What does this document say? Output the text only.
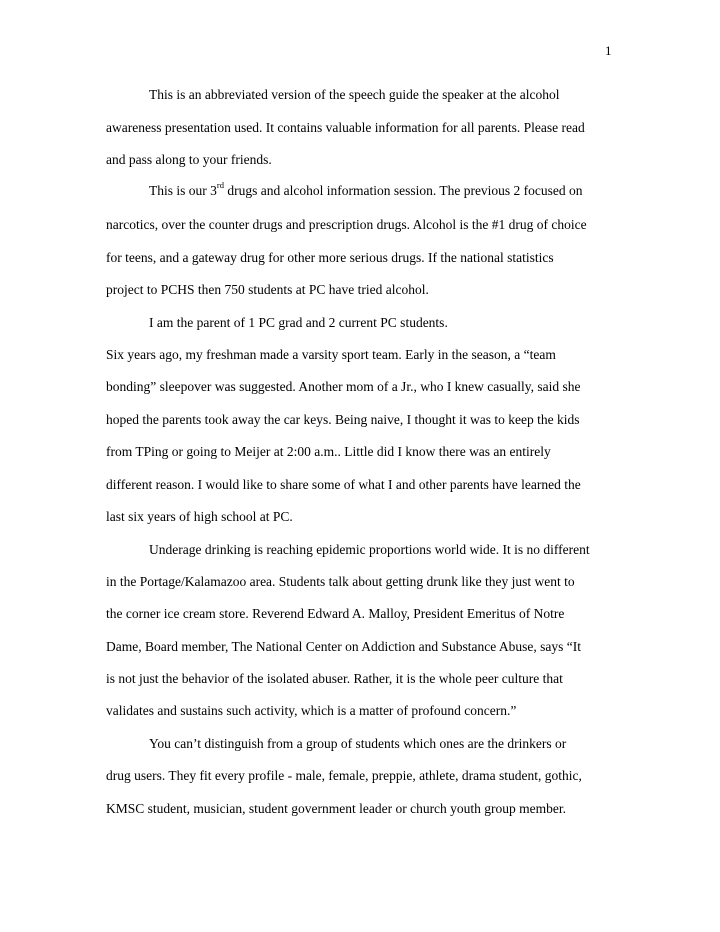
1
This is an abbreviated version of the speech guide the speaker at the alcohol
awareness presentation used. It contains valuable information for all parents. Please read
and pass along to your friends.
This is our 3rd drugs and alcohol information session. The previous 2 focused on
narcotics, over the counter drugs and prescription drugs. Alcohol is the #1 drug of choice
for teens, and a gateway drug for other more serious drugs. If the national statistics
project to PCHS then 750 students at PC have tried alcohol.
I am the parent of 1 PC grad and 2 current PC students.
Six years ago, my freshman made a varsity sport team. Early in the season, a “team
bonding” sleepover was suggested. Another mom of a Jr., who I knew casually, said she
hoped the parents took away the car keys. Being naive, I thought it was to keep the kids
from TPing or going to Meijer at 2:00 a.m.. Little did I know there was an entirely
different reason. I would like to share some of what I and other parents have learned the
last six years of high school at PC.
Underage drinking is reaching epidemic proportions world wide. It is no different
in the Portage/Kalamazoo area. Students talk about getting drunk like they just went to
the corner ice cream store. Reverend Edward A. Malloy, President Emeritus of Notre
Dame, Board member, The National Center on Addiction and Substance Abuse, says “It
is not just the behavior of the isolated abuser. Rather, it is the whole peer culture that
validates and sustains such activity, which is a matter of profound concern.”
You can’t distinguish from a group of students which ones are the drinkers or
drug users. They fit every profile - male, female, preppie, athlete, drama student, gothic,
KMSC student, musician, student government leader or church youth group member.
